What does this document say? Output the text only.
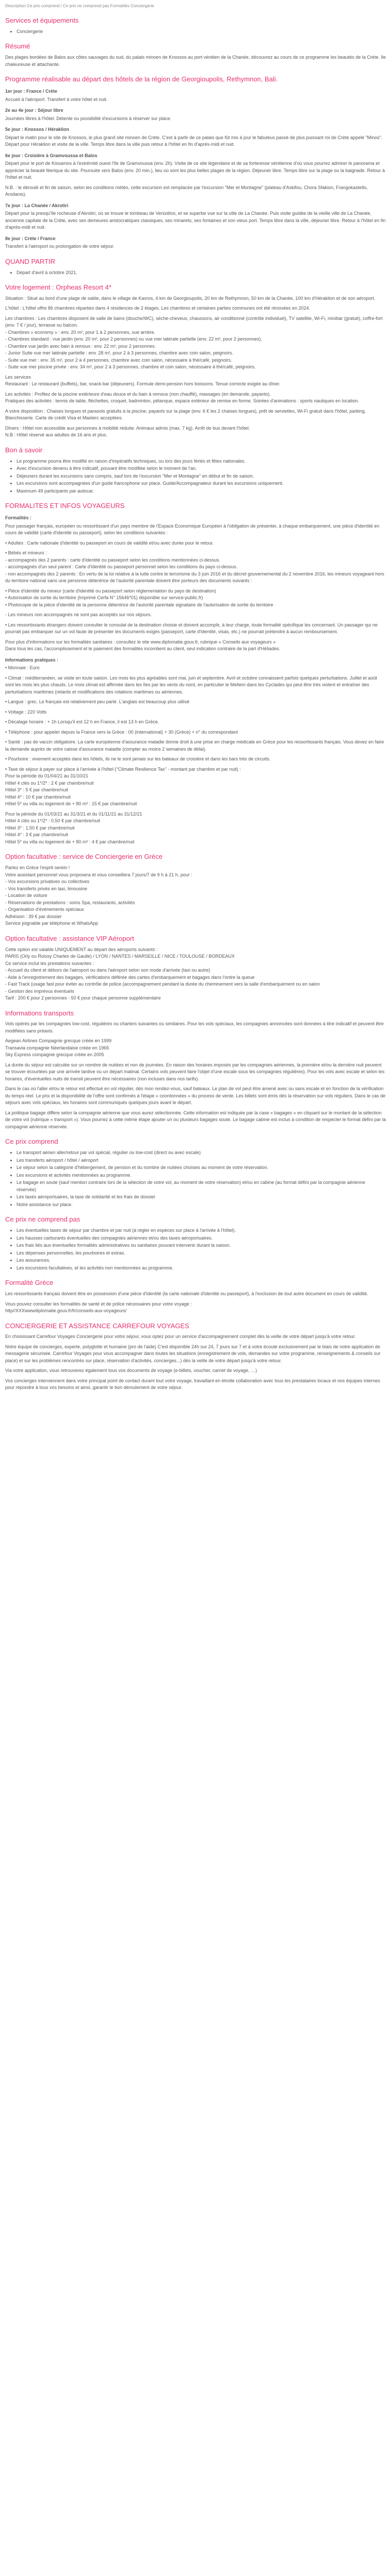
Description Ce prix comprend / Ce prix ne comprend pas Formalités Conciergerie
Services et équipements
• Conciergerie
Résumé

Des plages bordées de Balos aux côtes sauvages du sud, du palais minoen de Knossos au port vénitien de la Chanée, découvrez au cours de ce programme les beautés de la Crète. Ile chaleureuse et attachante.

Programme réalisable au départ des hôtels de la région de Georgioupolis, Rethymnon, Bali.
1er jour : France / Crète

Accueil à l'aéroport. Transfert à votre hôtel et nuit.

2e au 4e jour : Séjour libre

Journées libres à l'hôtel. Détente ou possibilité d'excursions à réserver sur place.

5e jour : Knossos / Héraklion

Départ le matin pour le site de Knossos, le plus grand site minoen de Crète. C'est à partir de ce palais que fût mis à jour le fabuleux passé de plus puissant roi de Crète appelé "Minos". Départ pour Héraklion et visite de la ville. Temps libre dans la ville puis retour à l'hôtel en fin d'après-midi et nuit.

6e jour : Croisière à Gramvoussa et Balos

Départ pour le port de Kissamos à l'extrémité ouest l'île de Gramvoussa (env. 2h). Visite de ce site légendaire et de sa forteresse vénitienne d'où vous pourrez admirer le panorama et apprécier la beauté féerique du site. Poursuite vers Balos (env. 20 min.), lieu où sont les plus belles plages de la région. Déjeuner libre. Temps libre sur la plage ou la baignade. Retour à l'hôtel et nuit.

N.B. : le déroulé et fin de saison, selon les conditions météo, cette excursion est remplacée par l'excursion "Mer et Montagne" (plateau d'Askifou, Chora Sfakion, Frangokastello, Arodanis).

7e jour : La Chanée / Akrotiri

Départ pour la presqu'île rocheuse d'Akrotiri, où se trouve le tombeau de Venizélos, et se superbe vue sur la ville de La Chanée. Puis visite guidée de la vieille ville de La Chanée, ancienne capitale de la Crète, avec ses demeures aristocratiques classiques, ses minarets, ses fontaines et son vieux port. Temps libre dans la ville, déjeuner libre. Retour à l'hôtel en fin d'après-midi et nuit.

8e jour : Crète / France

Transfert à l'aéroport ou prolongation de votre séjour.

QUAND PARTIR
• Départ d'avril à octobre 2021.
Votre logement : Orpheas Resort 4*

Situation : Situé au bord d'une plage de sable, dans le village de Kavros, 4 km de Georgioupolis, 20 km de Rethymnon, 50 km de la Chanée, 100 km d'Héraklion et de son aéroport.

L'hôtel : L'hôtel offre 86 chambres réparties dans 4 résidences de 2 étages. Les chambres et certaines parties communes ont été rénovées en 2024.

Les chambres : Les chambres disposent de salle de bains (douche/WC), sèche-cheveux, chaussons, air conditionné (contrôle individuel), TV satellite, Wi-Fi, minibar (gratuit), coffre-fort (env. 7 € / jour), terrasse ou balcon.
- Chambres « economy » : env. 20 m², pour 1 à 2 personnes, vue arrière.
- Chambres standard : vue jardin (env. 20 m², pour 2 personnes) ou vue mer latérale partielle (env. 22 m², pour 2 personnes).
- Chambre vue jardin avec bain à remous : env. 22 m², pour 2 personnes.
- Junior Suite vue mer latérale partielle : env. 28 m², pour 2 à 3 personnes, chambre avec coin salon, peignoirs.
- Suite vue mer : env. 35 m², pour 2 à 4 personnes, chambre avec coin salon, nécessaire à thé/café, peignoirs.
- Suite vue mer piscine privée : env. 34 m², pour 2 à 3 personnes, chambre et coin salon, nécessaire à thé/café, peignoirs.

Les services
Restaurant : Le restaurant (buffets), bar, snack-bar (déjeuners). Formule demi-pension hors boissons. Tenue correcte exigée au dîner.

Les activités : Profitez de la piscine extérieure d'eau douce et du bain à remous (non chauffé), massages (en demande, payants).
Pratiques des activités : tennis de table, fléchettes, croquet, badminton, pétanque, espace extérieur de remise en forme. Soirées d'animations : sports nautiques en location.

A votre disposition : Chaises longues et parasols gratuits à la piscine, payants sur la plage (env. 6 € les 2 chaises longues), prêt de serviettes, Wi-Fi gratuit dans l'hôtel, parking. Blanchisserie. Carte de crédit Visa et Masterc acceptées.

Dîners : Hôtel non accessible aux personnes à mobilité réduite. Animaux admis (max. 7 kg). Arrêt de bus devant l'hôtel.
N.B : Hôtel réservé aux adultes de 16 ans et plus.

Bon à savoir
• Le programme pourra être modifié en raison d'impératifs techniques, ou lors des jours fériés et fêtes nationales.
• Avec d'excursion devenu à être indicatif, pouvant être modifiée selon le moment de l'an.
• Déjeuners durant les excursions sans compris, sauf lors de l'excursion "Mer et Montagne" en début et fin de saison.
• Les excursions sont accompagnées d'un guide francophone sur place. Guide/Accompagnateur durant les excursions uniquement.
• Maximum 49 participants par autocar.
FORMALITES ET INFOS VOYAGEURS
Formalités :

Pour passager français, européen ou ressortissant d'un pays membre de l'Espace Economique Européen à l'obligation de présenter, à chaque embarquement, une pièce d'identité en cours de validité (carte d'identité ou passeport), selon les conditions suivantes :

• Adultes : Carte nationale d'identité ou passeport en cours de validité et/ou avec durée pour le retour.

• Bébés et mineurs :
- accompagnés des 2 parents : carte d'identité ou passeport selon les conditions mentionnées ci-dessus.
- accompagnés d'un seul parent : Carte d'identité ou passeport personnel selon les conditions du pays ci-dessus.
- non accompagnés des 2 parents : En vertu de la loi relative à la lutte contre le terrorisme du 3 juin 2016 et du décret gouvernemental du 2 novembre 2016, les mineurs voyageant hors du territoire national sans une personne détentrice de l'autorité parentale doivent être porteurs des documents suivants :

• Pièce d'identité du mineur (carte d'identité ou passeport selon réglementation du pays de destination)
• Autorisation de sortie du territoire (Imprimé Cerfa N° 15646*01) disponible sur service-public.fr)
• Photocopie de la pièce d'identité de la personne détentrice de l'autorité parentale signataire de l'autorisation de sortie du territoire

- Les mineurs non accompagnés ne sont pas acceptés sur nos séjours.

• Les ressortissants étrangers doivent consulter le consulat de la destination choisie et doivent accomplir, à leur charge, toute formalité spécifique les concernant. Un passager qui ne pourrait pas embarquer sur un vol faute de présenter les documents exigés (passeport, carte d'identité, visas, etc.) ne pourrait prétendre à aucun remboursement.

Pour plus d'informations sur les formalités sanitaires : consultez le site www.diplomatie.gouv.fr, rubrique « Conseils aux voyageurs »
Dans tous les cas, l'accomplissement et le paiement des formalités incombent au client, seul indication contraire de la part d'Héliades.

Informations pratiques :

• Monnaie : Euro

• Climat : méditerranéen, se visite en toute saison. Les mois les plus agréables sont mai, juin et septembre. Avril et octobre connaissent parfois quelques perturbations. Juillet et août sont les mois les plus chauds. Le mois climat est affirmée dans les îles par les vents du nord, en particulier le Meltem dans les Cyclades qui peut être très violent et entraîner des perturbations maritimes (retards et modifications des rotations maritimes ou aériennes.

• Langue : grec. Le français est relativement peu parlé. L'anglais est beaucoup plus utilisé

• Voltage : 220 Volts

• Décalage horaire : + 1h Lorsqu'il est 12 h en France, il est 13 h en Grèce.

• Téléphone : pour appeler depuis la France vers la Grèce : 00 (international) + 30 (Grèce) + n° du correspondant

• Santé : pas de vaccin obligatoire. La carte européenne d'assurance maladie donne droit à une prise en charge médicale en Grèce pour les ressortissants français. Vous devez en faire la demande auprès de votre caisse d'assurance maladie (compter au moins 2 semaines de délai).

• Pourboire : vivement acceptés dans les hôtels, ils ne le sont jamais sur les bateaux de croisière et dans les bars très de circuits.

• Taxe de séjour à payer sur place à l'arrivée à l'hôtel ("Climate Resilience Tax" - montant par chambre et par nuit) :
Pour la période du 01/04/21 au 31/10/21
Hôtel 4 clés ou 1*/2* : 2 € par chambre/nuit
Hôtel 3* : 5 € par chambre/nuit
Hôtel 4* : 10 € par chambre/nuit
Hôtel 5* ou villa ou logement de + 80 m² : 15 € par chambre/nuit

Pour la période du 01/03/21 au 31/3/21 et du 01/11/21 au 31/12/21
Hôtel 4 clés ou 1*/2* : 0,50 € par chambre/nuit
Hôtel 3* : 1,50 € par chambre/nuit
Hôtel 4* : 3 € par chambre/nuit
Hôtel 5* ou villa ou logement de + 80 m² : 4 € par chambre/nuit

Option facultative : service de Conciergerie en Grèce

Parlez en Grèce l'esprit serein !
Votre assistant personnel vous proposera et vous conseillera 7 jours/7 de 9 h à 21 h, pour :
- Vos excursions privatives ou collectives
- Vos transferts privés en taxi, limousine
- Location de voiture
- Réservations de prestations : soins Spa, restaurants, activités
- Organisation d'événements spéciaux
Adhésion : 39 € par dossier
Service joignable par téléphone et WhatsApp

Option facultative : assistance VIP Aéroport

Cette option est valable UNIQUEMENT au départ des aéroports suivants :
PARIS (Orly ou Roissy Charles de Gaulle) / LYON / NANTES / MARSEILLE / NICE / TOULOUSE / BORDEAUX
Ce service inclut les prestations suivantes :
- Accueil du client et débors de l'aéroport ou dans l'aéroport selon son mode d'arrivée (taxi ou autre)
- Aide à l'enregistrement des bagages, vérifications déférée des cartes d'embarquement et bagages dans l'ordre la queue
- Fast Track (usage fast pour éviter au contrôle de police (accompagnement pendant la durée du cheminement vers la salle d'embarquement ou en salon
- Gestion des imprévus éventuels
Tarif : 200 € pour 2 personnes - 50 € pour chaque personne supplémentaire

Informations transports

Vols opérés par les compagnies low-cost, régulières ou charters suivantes ou similaires. Pour les vols spéciaux, les compagnies annoncées sont données à titre indicatif et peuvent être modifiées sans préavis.

Aegean Airlines Compagnie grecque créée en 1999
Transavia compagnie Néerlandaise créée en 1965
Sky Express compagnie grecque créée en 2005

La durée du séjour est calculée sur un nombre de nuitées et non de journées. En raison des horaires imposés par les compagnies aériennes, la première et/ou la dernière nuit peuvent se trouver écourtées par une arrivée tardive ou un départ matinal. Certains vols peuvent faire l'objet d'une escale sous les compagnies régulières). Pour les vols avec escale et selon les horaires, d'éventuelles nuits de transit peuvent être nécessaires (non incluses dans nos tarifs).

Dans le cas où l'aller et/ou le retour est effectué en vol régulier, dès mon rendez-vous, sauf bateaux. Le plan de vol peut être amené avec ou sans escale et en fonction de la vérification du temps réel. Le prix et la disponibilité de l'offre sont confirmés à l'étape « coordonnées » du process de vente. Les billets sont émis dès la réservation sur vols réguliers. Dans le cas de séjours avec vols spéciaux, les horaires sont communiqués quelques jours avant le départ.

La politique bagage diffère selon la compagnie aérienne que vous aurez sélectionnée. Cette information est indiquée par la case « bagages » en cliquant sur le montant de la sélection de votre vol (rubrique « transport »). Vous pourrez à cette même étape ajouter un ou plusieurs bagages soute. Le bagage cabine est inclus à condition de respecter le format défini par la compagnie aérienne réservée.

Ce prix comprend
• Le transport aérien aller/retour par vol spécial, régulier ou low-cost (direct ou avec escale)
• Les transferts aéroport / hôtel / aéroport
• Le séjour selon la catégorie d'hébergement, de pension et du nombre de nuitées choisies au moment de votre réservation.
• Les excursions et activités mentionnées au programme.
• Le bagage en soute (sauf mention contraire lors de la sélection de votre vol, au moment de votre réservation) et/ou en cabine (au format défini par la compagnie aérienne réservée)
• Les taxes aéroportuaires, la taxe de solidarité et les frais de dossier
• Notre assistance sur place.
Ce prix ne comprend pas
• Les éventuelles taxes de séjour par chambre et par nuit (à régler en espèces sur place à l'arrivée à l'hôtel).
• Les hausses carburants éventuelles des compagnies aériennes et/ou des taxes aéroportuaires.
• Les frais liés aux éventuelles formalités administratives ou sanitaires pouvant intervenir durant la saison.
• Les dépenses personnelles, les pourboires et extras.
• Les assurances.
• Les excursions facultatives, et les activités non mentionnées au programme.
Formalité Grèce

Les ressortissants français doivent être en possession d'une pièce d'identité (la carte nationale d'identité ou passeport), à l'exclusion de tout autre document en cours de validité.

Vous pouvez consulter les formalités de santé et de police nécessaires pour votre voyage :
http//XXXwwwdiplomatie.gouv.fr/fr/conseils-aux-voyageurs/

CONCIERGERIE ET ASSISTANCE CARREFOUR VOYAGES

En choisissant Carrefour Voyages Conciergerie pour votre séjour, vous optez pour un service d'accompagnement complet dès la veille de votre départ jusqu'à votre retour.

Notre équipe de concierges, experte, polyglotte et humaine (pro de l'aide) C'est disponible 24h sur 24, 7 jours sur 7 et à votre écoute exclusivement par le biais de notre application de messagerie sécurisée. Carrefour Voyages pour vous accompagner dans toutes les situations (enregistrement de vols, demandes sur votre programme, renseignements & conseils sur place) et sur les problèmes rencontrés sur place, réservation d'activités, concierges...) dès la veille de votre départ jusqu'à votre retour.

Via votre application, vous retrouverez également tous vos documents de voyage (e-billets, voucher, carnet de voyage, …)

Vos concierges interviennent dans votre principal point de contact durant tout votre voyage, travaillant en étroite collaboration avec tous les prestataires locaux et nos équipes internes pour répondre à tous vos besoins et ainsi, garantir le bon déroulement de votre séjour.
